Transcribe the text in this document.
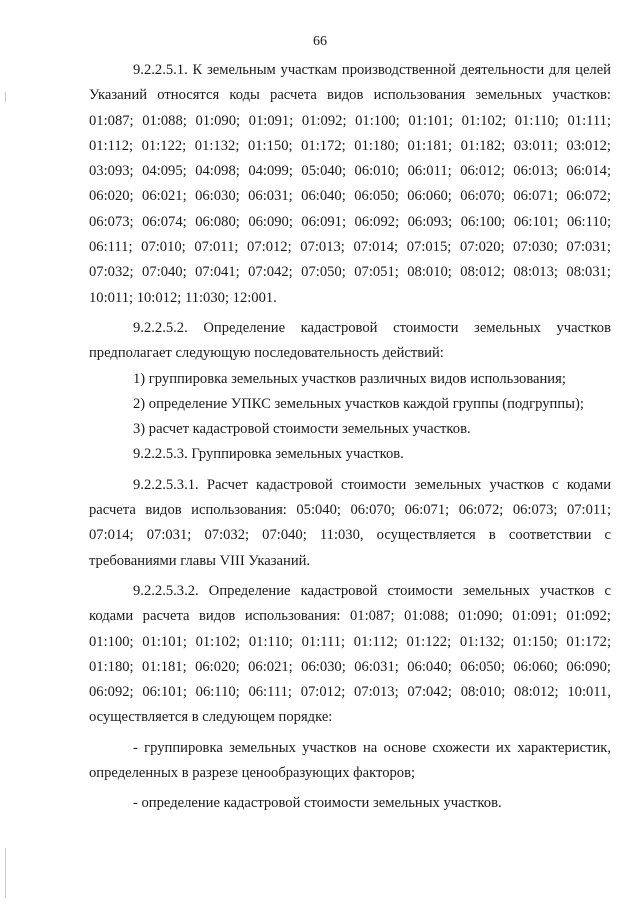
66

9.2.2.5.1. К земельным участкам производственной деятельности для целей Указаний относятся коды расчета видов использования земельных участков: 01:087; 01:088; 01:090; 01:091; 01:092; 01:100; 01:101; 01:102; 01:110; 01:111; 01:112; 01:122; 01:132; 01:150; 01:172; 01:180; 01:181; 01:182; 03:011; 03:012; 03:093; 04:095; 04:098; 04:099; 05:040; 06:010; 06:011; 06:012; 06:013; 06:014; 06:020; 06:021; 06:030; 06:031; 06:040; 06:050; 06:060; 06:070; 06:071; 06:072; 06:073; 06:074; 06:080; 06:090; 06:091; 06:092; 06:093; 06:100; 06:101; 06:110; 06:111; 07:010; 07:011; 07:012; 07:013; 07:014; 07:015; 07:020; 07:030; 07:031; 07:032; 07:040; 07:041; 07:042; 07:050; 07:051; 08:010; 08:012; 08:013; 08:031; 10:011; 10:012; 11:030; 12:001.

9.2.2.5.2. Определение кадастровой стоимости земельных участков предполагает следующую последовательность действий:

1) группировка земельных участков различных видов использования;

2) определение УПКС земельных участков каждой группы (подгруппы);

3) расчет кадастровой стоимости земельных участков.

9.2.2.5.3. Группировка земельных участков.

9.2.2.5.3.1. Расчет кадастровой стоимости земельных участков с кодами расчета видов использования: 05:040; 06:070; 06:071; 06:072; 06:073; 07:011; 07:014; 07:031; 07:032; 07:040; 11:030, осуществляется в соответствии с требованиями главы VIII Указаний.

9.2.2.5.3.2. Определение кадастровой стоимости земельных участков с кодами расчета видов использования: 01:087; 01:088; 01:090; 01:091; 01:092; 01:100; 01:101; 01:102; 01:110; 01:111; 01:112; 01:122; 01:132; 01:150; 01:172; 01:180; 01:181; 06:020; 06:021; 06:030; 06:031; 06:040; 06:050; 06:060; 06:090; 06:092; 06:101; 06:110; 06:111; 07:012; 07:013; 07:042; 08:010; 08:012; 10:011, осуществляется в следующем порядке:

- группировка земельных участков на основе схожести их характеристик, определенных в разрезе ценообразующих факторов;

- определение кадастровой стоимости земельных участков.
